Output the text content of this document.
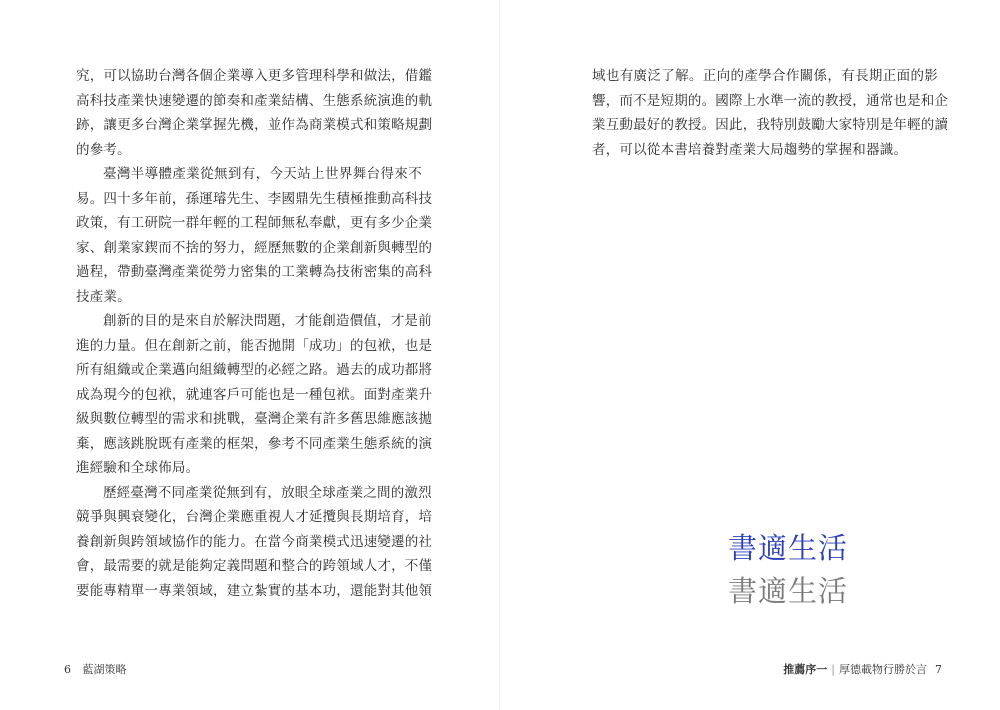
究，可以協助台灣各個企業導入更多管理科學和做法，借鑑
高科技產業快速變遷的節奏和產業結構、生態系統演進的軌
跡，讓更多台灣企業掌握先機，並作為商業模式和策略規劃
的參考。
臺灣半導體產業從無到有，今天站上世界舞台得來不
易。四十多年前，孫運璿先生、李國鼎先生積極推動高科技
政策，有工研院一群年輕的工程師無私奉獻，更有多少企業
家、創業家鍥而不捨的努力，經歷無數的企業創新與轉型的
過程，帶動臺灣產業從勞力密集的工業轉為技術密集的高科
技產業。
創新的目的是來自於解決問題，才能創造價值，才是前
進的力量。但在創新之前，能否拋開「成功」的包袱，也是
所有組織或企業邁向組織轉型的必經之路。過去的成功都將
成為現今的包袱，就連客戶可能也是一種包袱。面對產業升
級與數位轉型的需求和挑戰，臺灣企業有許多舊思維應該拋
棄，應該跳脫既有產業的框架，參考不同產業生態系統的演
進經驗和全球佈局。
歷經臺灣不同產業從無到有，放眼全球產業之間的激烈
競爭與興衰變化，台灣企業應重視人才延攬與長期培育，培
養創新與跨領域協作的能力。在當今商業模式迅速變遷的社
會，最需要的就是能夠定義問題和整合的跨領域人才，不僅
要能專精單一專業領域，建立紮實的基本功，還能對其他領
6 藍湖策略
域也有廣泛了解。正向的產學合作關係，有長期正面的影
響，而不是短期的。國際上水準一流的教授，通常也是和企
業互動最好的教授。因此，我特別鼓勵大家特別是年輕的讀
者，可以從本書培養對產業大局趨勢的掌握和器識。
書適生活
書適生活
推薦序一 | 厚德載物行勝於言 7
